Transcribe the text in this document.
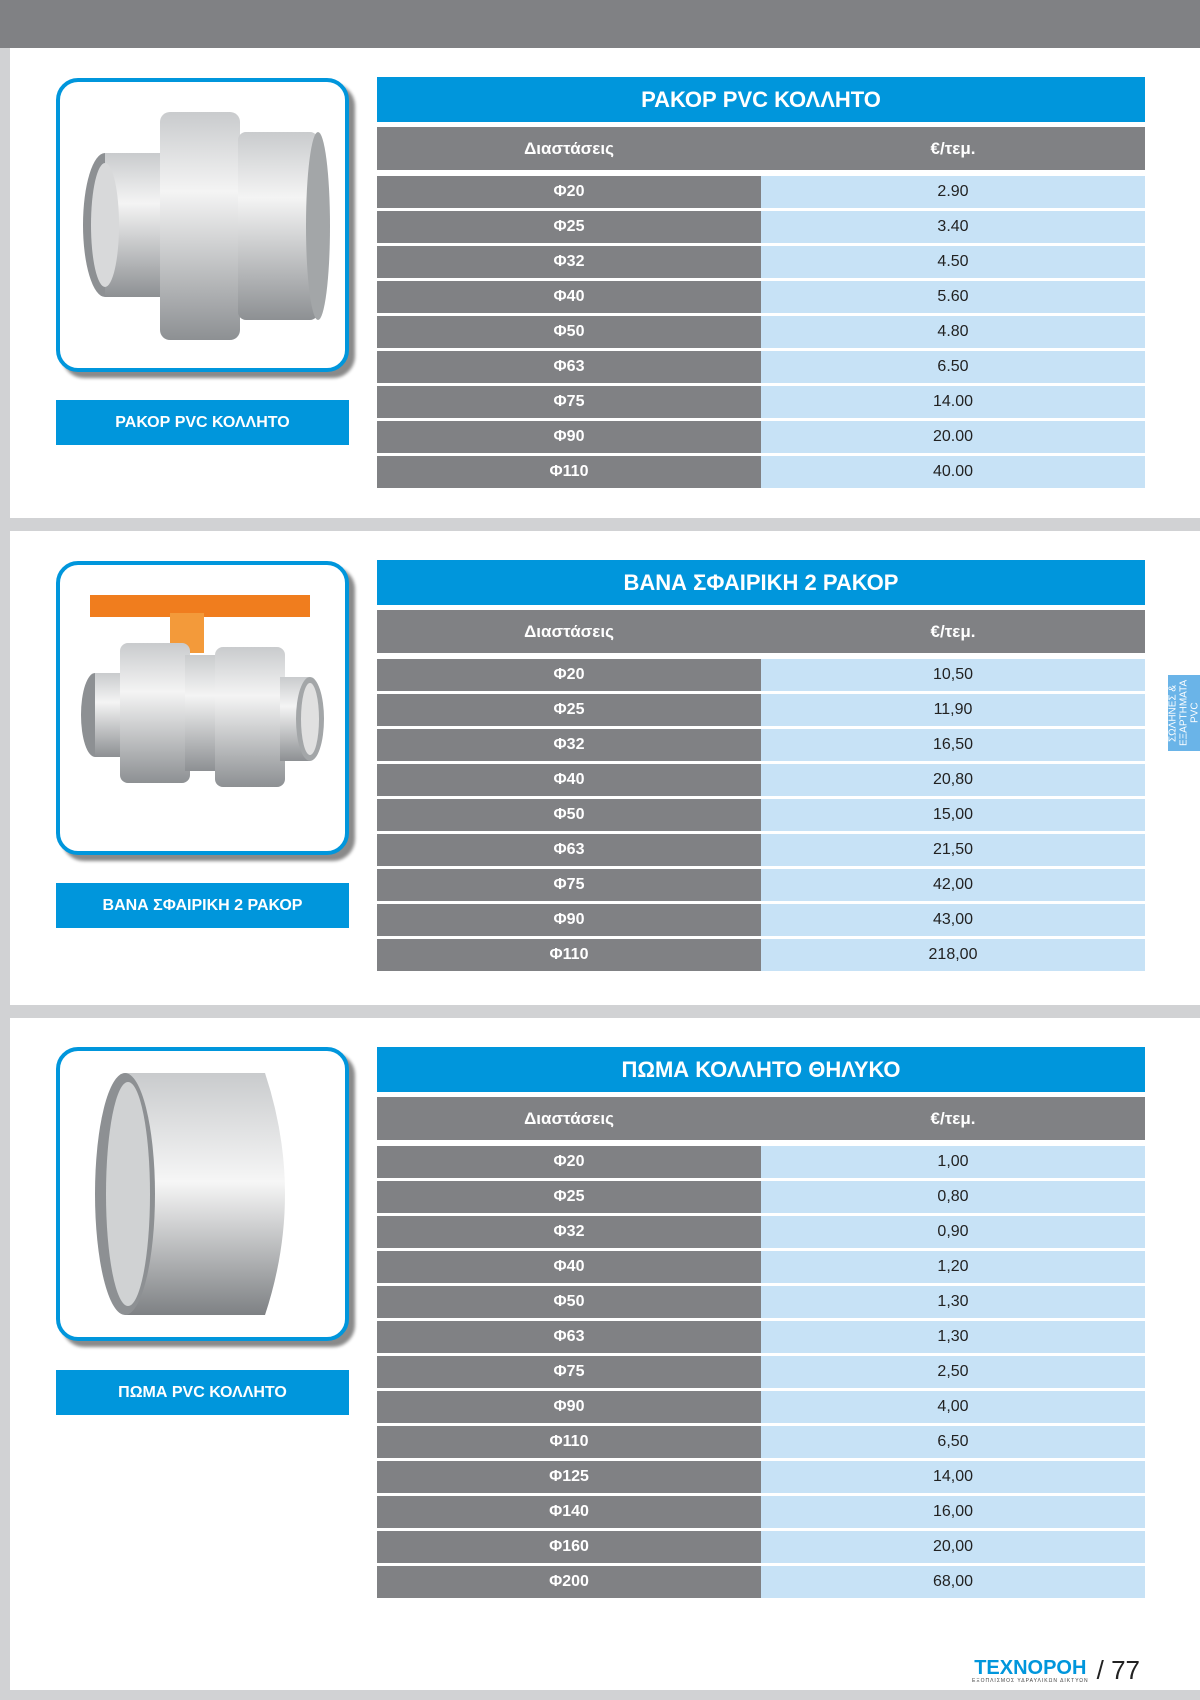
ΡΑΚΟΡ PVC ΚΟΛΛΗΤΟ
ΡΑΚΟΡ PVC ΚΟΛΛΗΤΟ
Διαστάσεις	€/τεμ.
Φ20	2.90
Φ25	3.40
Φ32	4.50
Φ40	5.60
Φ50	4.80
Φ63	6.50
Φ75	14.00
Φ90	20.00
Φ110	40.00
ΒΑΝΑ ΣΦΑΙΡΙΚΗ 2 ΡΑΚΟΡ
ΒΑΝΑ ΣΦΑΙΡΙΚΗ 2 ΡΑΚΟΡ
Διαστάσεις	€/τεμ.
Φ20	10,50
Φ25	11,90
Φ32	16,50
Φ40	20,80
Φ50	15,00
Φ63	21,50
Φ75	42,00
Φ90	43,00
Φ110	218,00
ΠΩΜΑ PVC ΚΟΛΛΗΤΟ
ΠΩΜΑ ΚΟΛΛΗΤΟ ΘΗΛΥΚΟ
Διαστάσεις	€/τεμ.
Φ20	1,00
Φ25	0,80
Φ32	0,90
Φ40	1,20
Φ50	1,30
Φ63	1,30
Φ75	2,50
Φ90	4,00
Φ110	6,50
Φ125	14,00
Φ140	16,00
Φ160	20,00
Φ200	68,00
ΣΩΛΗΝΕΣ & ΕΞΑΡΤΗΜΑΤΑ PVC
TEXNOPOH
ΕΞΟΠΛΙΣΜΟΣ ΥΔΡΑΥΛΙΚΩΝ ΔΙΚΤΥΩΝ / 77
